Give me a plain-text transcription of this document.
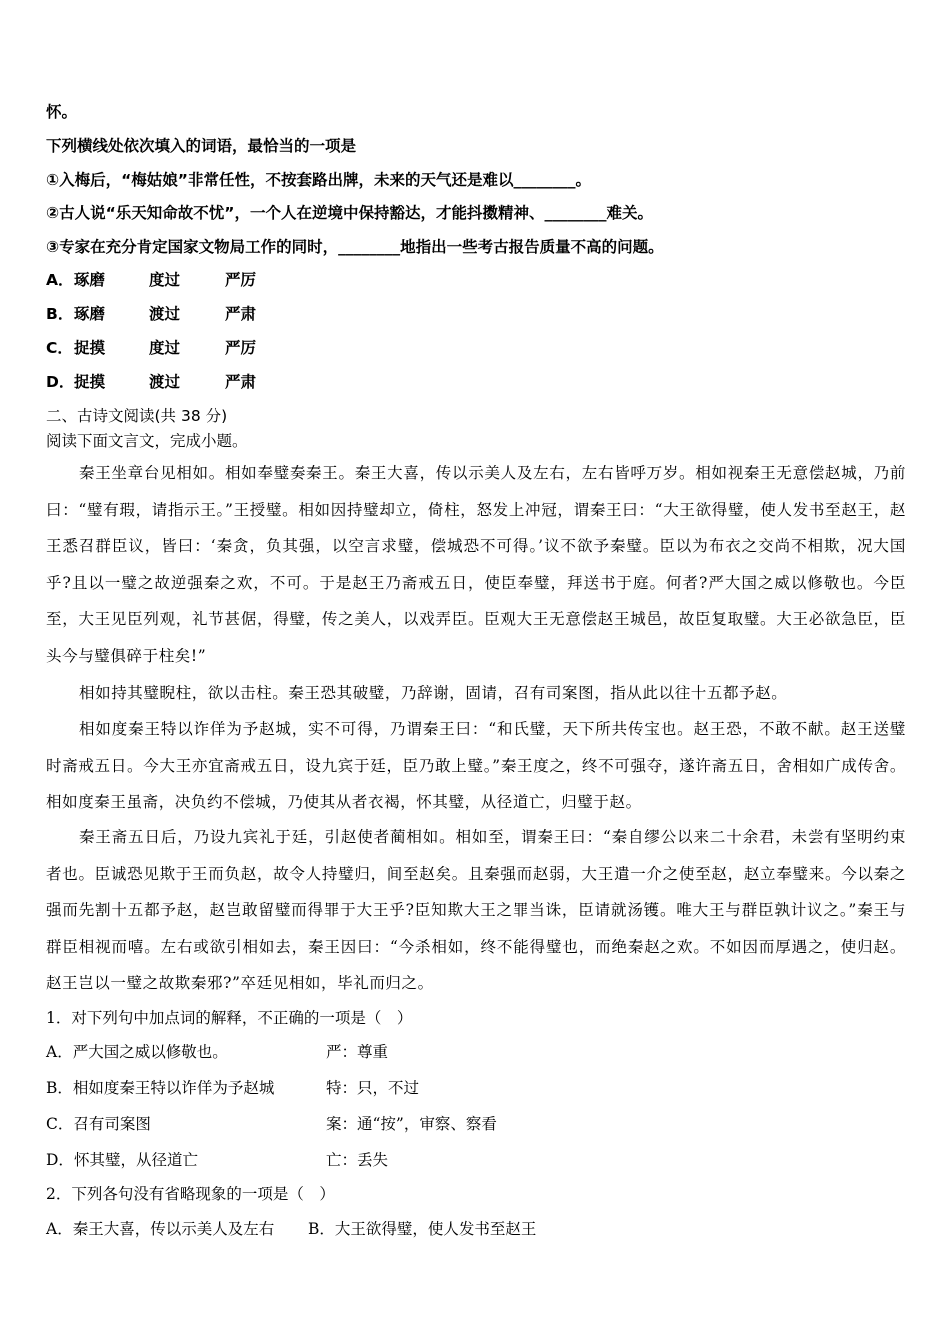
怀。
下列横线处依次填入的词语，最恰当的一项是
①入梅后，“梅姑娘”非常任性，不按套路出牌，未来的天气还是难以________。
②古人说“乐天知命故不忧”，一个人在逆境中保持豁达，才能抖擞精神、________难关。
③专家在充分肯定国家文物局工作的同时，________地指出一些考古报告质量不高的问题。
A． 琢磨	度过	严厉
B． 琢磨	渡过	严肃
C． 捉摸	度过	严厉
D． 捉摸	渡过	严肃
二、古诗文阅读(共 38 分)
阅读下面文言文，完成小题。
秦王坐章台见相如。相如奉璧奏秦王。秦王大喜，传以示美人及左右，左右皆呼万岁。相如视秦王无意偿赵城，乃前曰：“璧有瑕，请指示王。”王授璧。相如因持璧却立，倚柱，怒发上冲冠，谓秦王曰：“大王欲得璧，使人发书至赵王，赵王悉召群臣议，皆曰：‘秦贪，负其强，以空言求璧，偿城恐不可得。’议不欲予秦璧。臣以为布衣之交尚不相欺，况大国乎?且以一璧之故逆强秦之欢，不可。于是赵王乃斋戒五日，使臣奉璧，拜送书于庭。何者?严大国之威以修敬也。今臣至，大王见臣列观，礼节甚倨，得璧，传之美人，以戏弄臣。臣观大王无意偿赵王城邑，故臣复取璧。大王必欲急臣，臣头今与璧俱碎于柱矣!”
相如持其璧睨柱，欲以击柱。秦王恐其破璧，乃辞谢，固请，召有司案图，指从此以往十五都予赵。
相如度秦王特以诈佯为予赵城，实不可得，乃谓秦王曰：“和氏璧，天下所共传宝也。赵王恐，不敢不献。赵王送璧时斋戒五日。今大王亦宜斋戒五日，设九宾于廷，臣乃敢上璧。”秦王度之，终不可强夺，遂许斋五日，舍相如广成传舍。相如度秦王虽斋，决负约不偿城，乃使其从者衣褐，怀其璧，从径道亡，归璧于赵。
秦王斋五日后，乃设九宾礼于廷，引赵使者蔺相如。相如至，谓秦王曰：“秦自缪公以来二十余君，未尝有坚明约束者也。臣诚恐见欺于王而负赵，故令人持璧归，间至赵矣。且秦强而赵弱，大王遣一介之使至赵，赵立奉璧来。今以秦之强而先割十五都予赵，赵岂敢留璧而得罪于大王乎?臣知欺大王之罪当诛，臣请就汤镬。唯大王与群臣孰计议之。”秦王与群臣相视而嘻。左右或欲引相如去，秦王因曰：“今杀相如，终不能得璧也，而绝秦赵之欢。不如因而厚遇之，使归赵。赵王岂以一璧之故欺秦邪?”卒廷见相如，毕礼而归之。
1．对下列句中加点词的解释，不正确的一项是（　）
A．严大国之威以修敬也。	严：尊重
B．相如度秦王特以诈佯为予赵城	特：只，不过
C．召有司案图	案：通“按”，审察、察看
D．怀其璧，从径道亡	亡：丢失
2．下列各句没有省略现象的一项是（　）
A．秦王大喜，传以示美人及左右 B．大王欲得璧，使人发书至赵王
